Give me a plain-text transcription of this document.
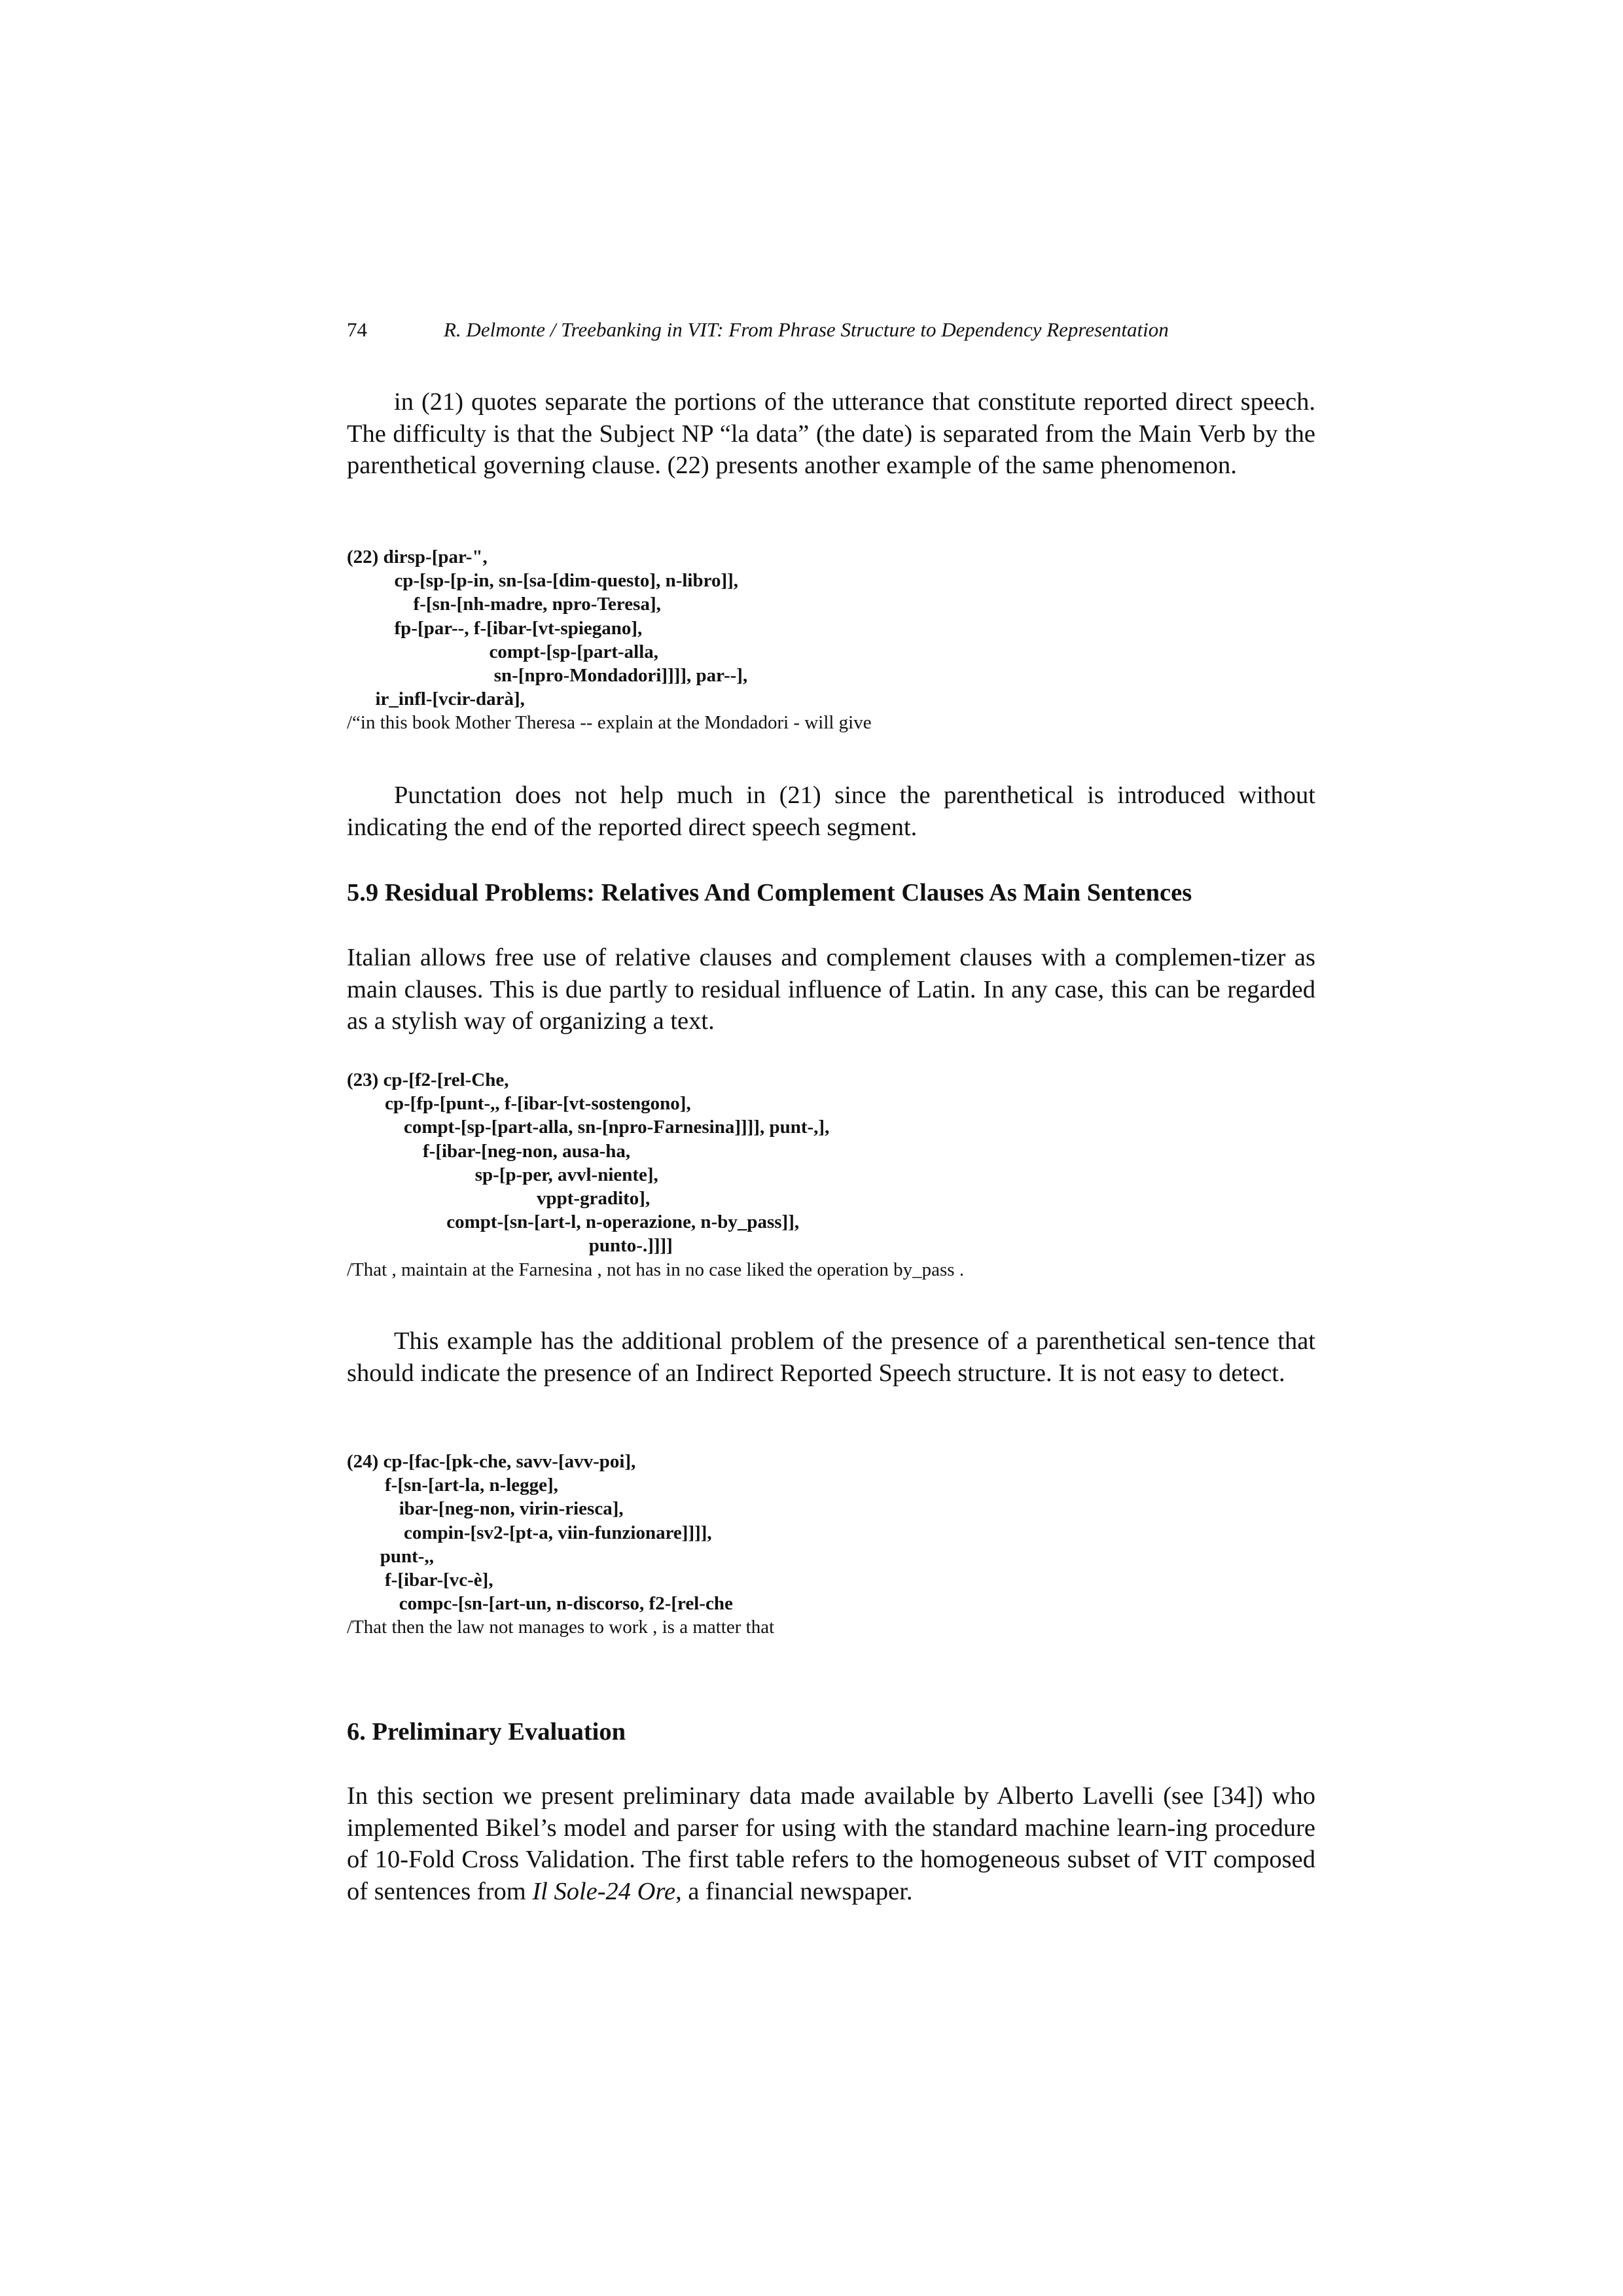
74	R. Delmonte / Treebanking in VIT: From Phrase Structure to Dependency Representation

in (21) quotes separate the portions of the utterance that constitute reported direct speech. The difficulty is that the Subject NP “la data” (the date) is separated from the Main Verb by the parenthetical governing clause. (22) presents another example of the same phenomenon.

(22) dirsp-[par-",
cp-[sp-[p-in, sn-[sa-[dim-questo], n-libro]],
f-[sn-[nh-madre, npro-Teresa],
fp-[par--, f-[ibar-[vt-spiegano],
compt-[sp-[part-alla,
sn-[npro-Mondadori]]]], par--],
ir_infl-[vcir-darà],
/“in this book Mother Theresa -- explain at the Mondadori - will give

Punctation does not help much in (21) since the parenthetical is introduced without indicating the end of the reported direct speech segment.

5.9 Residual Problems: Relatives And Complement Clauses As Main Sentences

Italian allows free use of relative clauses and complement clauses with a complemen-tizer as main clauses. This is due partly to residual influence of Latin. In any case, this can be regarded as a stylish way of organizing a text.

(23) cp-[f2-[rel-Che,
cp-[fp-[punt-,, f-[ibar-[vt-sostengono],
compt-[sp-[part-alla, sn-[npro-Farnesina]]]], punt-,],
f-[ibar-[neg-non, ausa-ha,
sp-[p-per, avvl-niente],
vppt-gradito],
compt-[sn-[art-l, n-operazione, n-by_pass]],
punto-.]]]]
/That , maintain at the Farnesina , not has in no case liked the operation by_pass .

This example has the additional problem of the presence of a parenthetical sen-tence that should indicate the presence of an Indirect Reported Speech structure. It is not easy to detect.

(24) cp-[fac-[pk-che, savv-[avv-poi],
f-[sn-[art-la, n-legge],
ibar-[neg-non, virin-riesca],
compin-[sv2-[pt-a, viin-funzionare]]]],
punt-,,
f-[ibar-[vc-è],
compc-[sn-[art-un, n-discorso, f2-[rel-che
/That then the law not manages to work , is a matter that
6. Preliminary Evaluation

In this section we present preliminary data made available by Alberto Lavelli (see [34]) who implemented Bikel’s model and parser for using with the standard machine learn-ing procedure of 10-Fold Cross Validation. The first table refers to the homogeneous subset of VIT composed of sentences from Il Sole-24 Ore, a financial newspaper.
